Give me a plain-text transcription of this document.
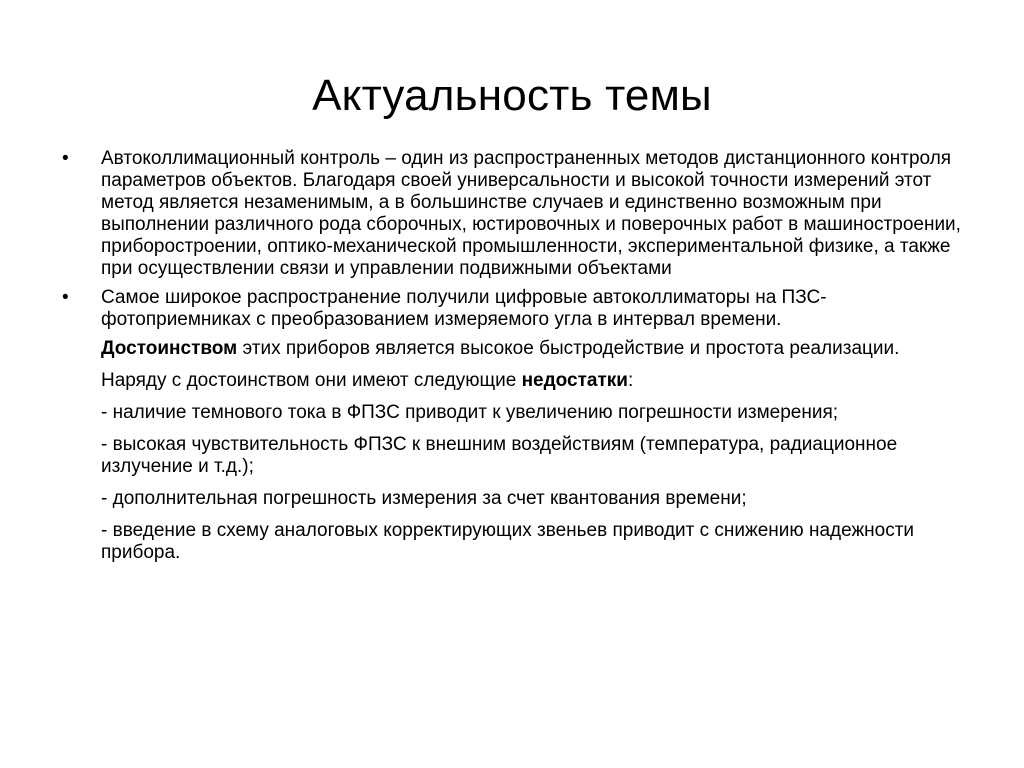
Актуальность темы
•	Автоколлимационный контроль – один из распространенных методов дистанционного контроля параметров объектов. Благодаря своей универсальности и высокой точности измерений этот метод является незаменимым, а в большинстве случаев и единственно возможным при выполнении различного рода сборочных, юстировочных и поверочных работ в машиностроении, приборостроении, оптико-механической промышленности, экспериментальной физике, а также при осуществлении связи и управлении подвижными объектами
•	Самое широкое распространение получили цифровые автоколлиматоры на ПЗС-фотоприемниках с преобразованием измеряемого угла в интервал времени.
Достоинством этих приборов является высокое быстродействие и простота реализации.
Наряду с достоинством они имеют следующие недостатки:
- наличие темнового тока в ФПЗС приводит к увеличению погрешности измерения;
- высокая чувствительность ФПЗС к внешним воздействиям (температура, радиационное излучение и т.д.);
- дополнительная погрешность измерения за счет квантования времени;
- введение в схему аналоговых корректирующих звеньев приводит с снижению надежности прибора.
